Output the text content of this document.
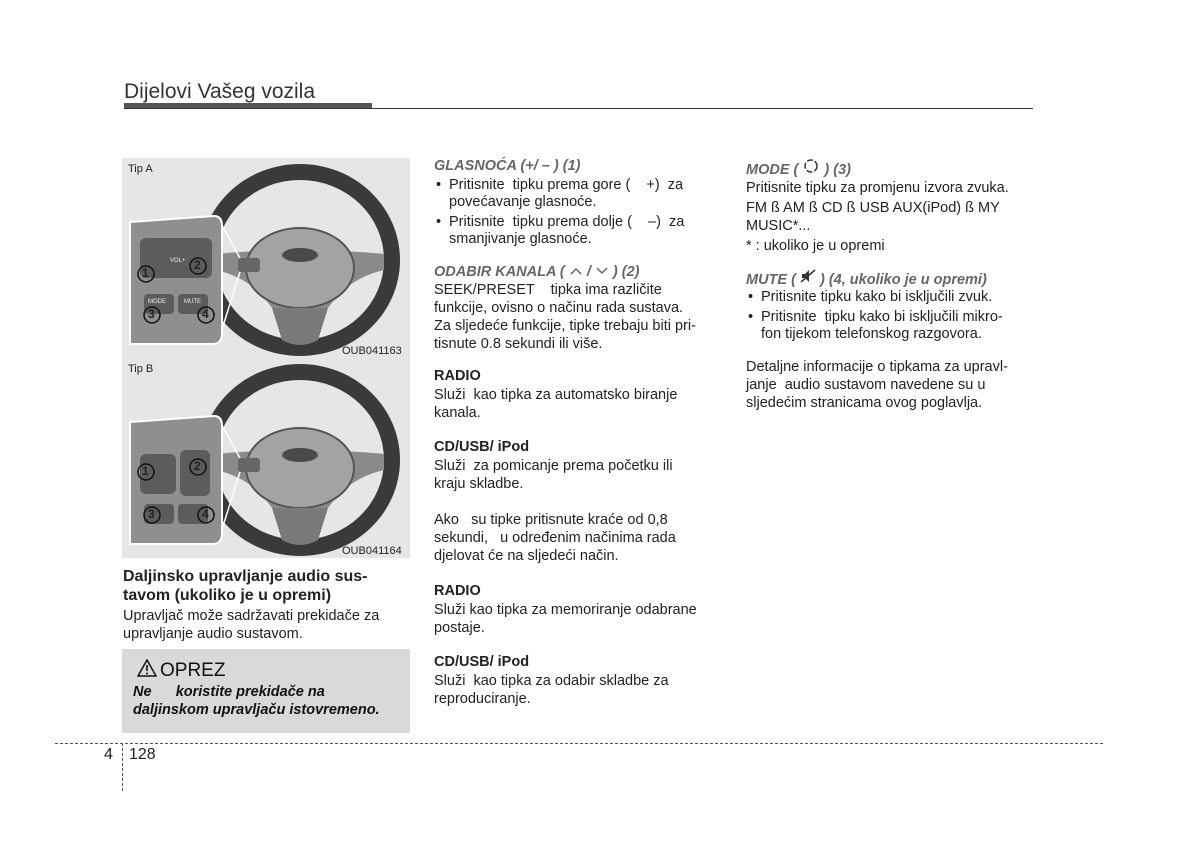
Dijelovi Vašeg vozila
Tip A
1
2
3	4
VOL+
MODE	MUTE
OUB041163
Tip B
1	2
3	4
OUB041164
Daljinsko upravljanje audio sus-
tavom (ukoliko je u opremi)
Upravljač može sadržavati prekidače za
upravljanje audio sustavom.
OPREZ
Ne      koristite prekidače na
daljinskom upravljaču istovremeno.
GLASNOĆA (+/ – ) (1)
• Pritisnite  tipku prema gore (    +)  za
povećavanje glasnoće.
• Pritisnite  tipku prema dolje (    –)  za
smanjivanje glasnoće.
ODABIR KANALA ( / ) (2)
SEEK/PRESET    tipka ima različite
funkcije, ovisno o načinu rada sustava.
Za sljedeće funkcije, tipke trebaju biti pri-
tisnute 0.8 sekundi ili više.
RADIO
Služi  kao tipka za automatsko biranje
kanala.
CD/USB/ iPod
Služi  za pomicanje prema početku ili
kraju skladbe.
Ako   su tipke pritisnute kraće od 0,8
sekundi,   u određenim načinima rada
djelovat će na sljedeći način.
RADIO
Služi kao tipka za memoriranje odabrane
postaje.
CD/USB/ iPod
Služi  kao tipka za odabir skladbe za
reproduciranje.
MODE ( ) (3)
Pritisnite tipku za promjenu izvora zvuka.
FM ß AM ß CD ß USB AUX(iPod) ß MY
MUSIC*...
* : ukoliko je u opremi
MUTE ( ) (4, ukoliko je u opremi)
• Pritisnite tipku kako bi isključili zvuk.
• Pritisnite  tipku kako bi isključili mikro-
fon tijekom telefonskog razgovora.
Detaljne informacije o tipkama za upravl-
janje  audio sustavom navedene su u
sljedećim stranicama ovog poglavlja.
4 128
